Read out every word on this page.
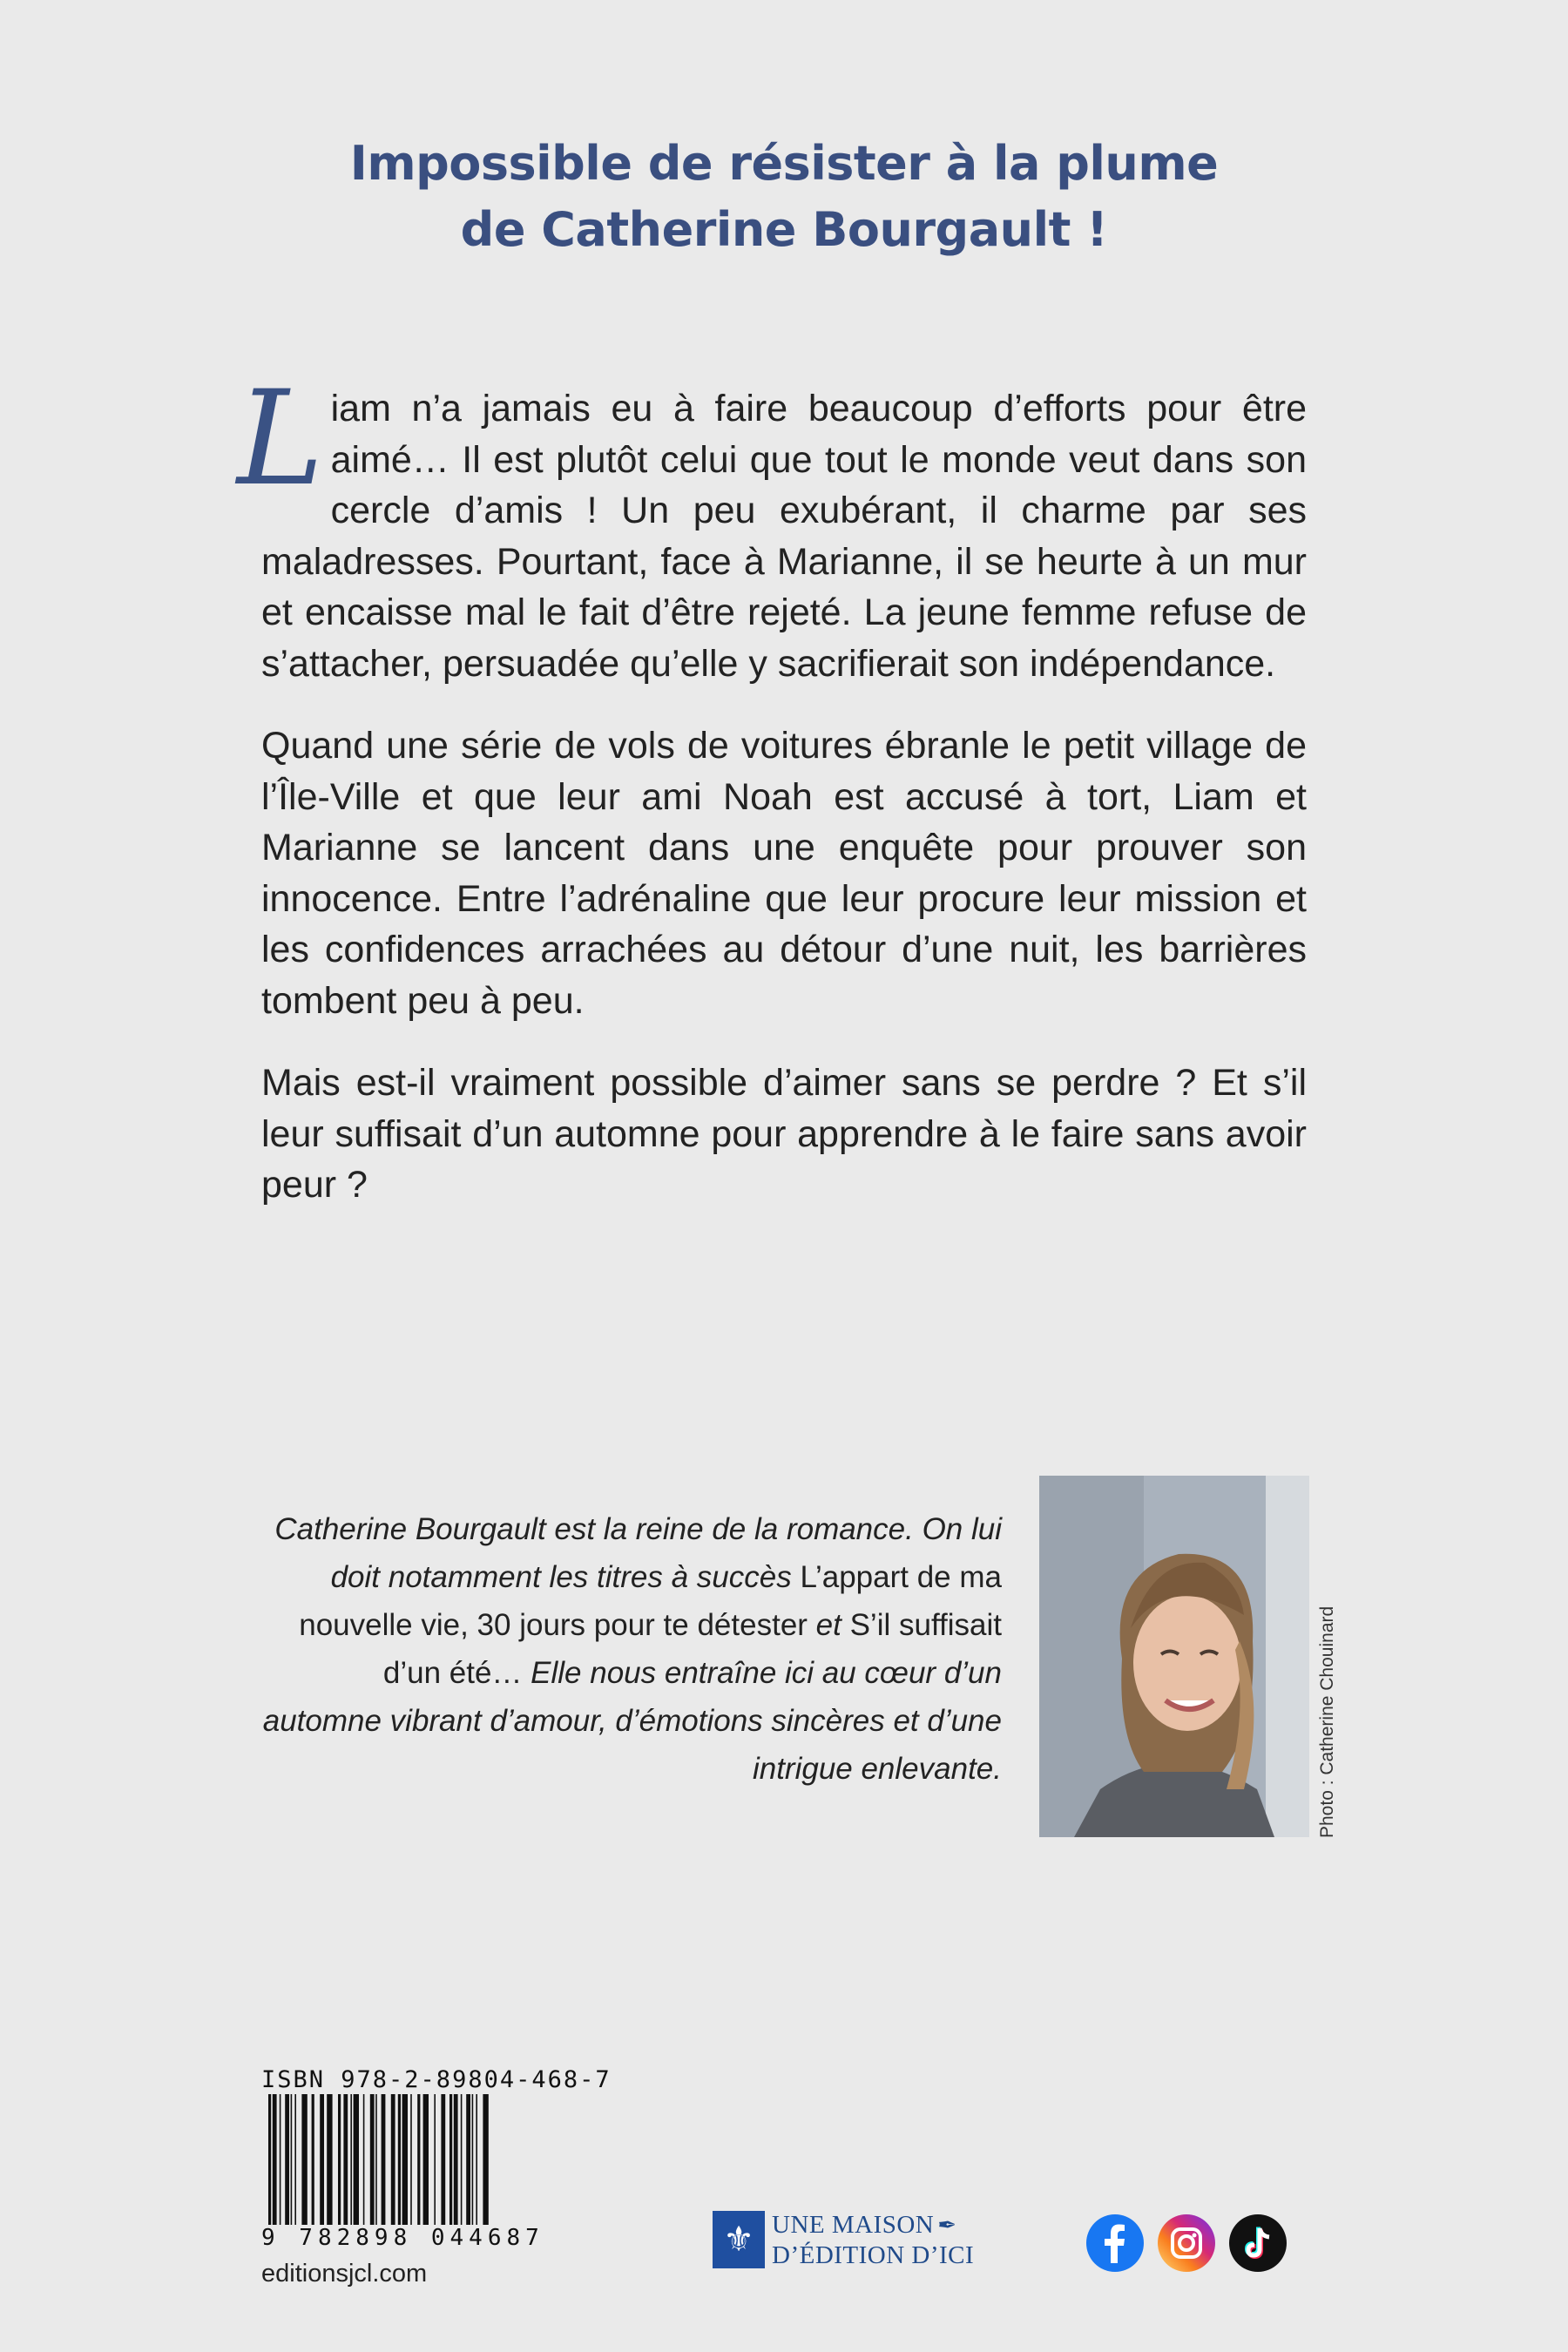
Impossible de résister à la plume
de Catherine Bourgault !

Liam n’a jamais eu à faire beaucoup d’efforts pour être aimé… Il est plutôt celui que tout le monde veut dans son cercle d’amis ! Un peu exubérant, il charme par ses maladresses. Pourtant, face à Marianne, il se heurte à un mur et encaisse mal le fait d’être rejeté. La jeune femme refuse de s’attacher, persuadée qu’elle y sacrifierait son indépendance.

Quand une série de vols de voitures ébranle le petit village de l’Île-Ville et que leur ami Noah est accusé à tort, Liam et Marianne se lancent dans une enquête pour prouver son innocence. Entre l’adrénaline que leur procure leur mission et les confidences arrachées au détour d’une nuit, les barrières tombent peu à peu.

Mais est-il vraiment possible d’aimer sans se perdre ? Et s’il leur suffisait d’un automne pour apprendre à le faire sans avoir peur ?

Catherine Bourgault est la reine de la romance. On lui doit notamment les titres à succès L’appart de ma nouvelle vie, 30 jours pour te détester et S’il suffisait d’un été… Elle nous entraîne ici au cœur d’un automne vibrant d’amour, d’émotions sincères et d’une intrigue enlevante.	Photo : Catherine Chouinard
ISBN 978-2-89804-468-7
9 782898 044687
editionsjcl.com
⚜ UNE MAISON ✒
D’ÉDITION D’ICI
